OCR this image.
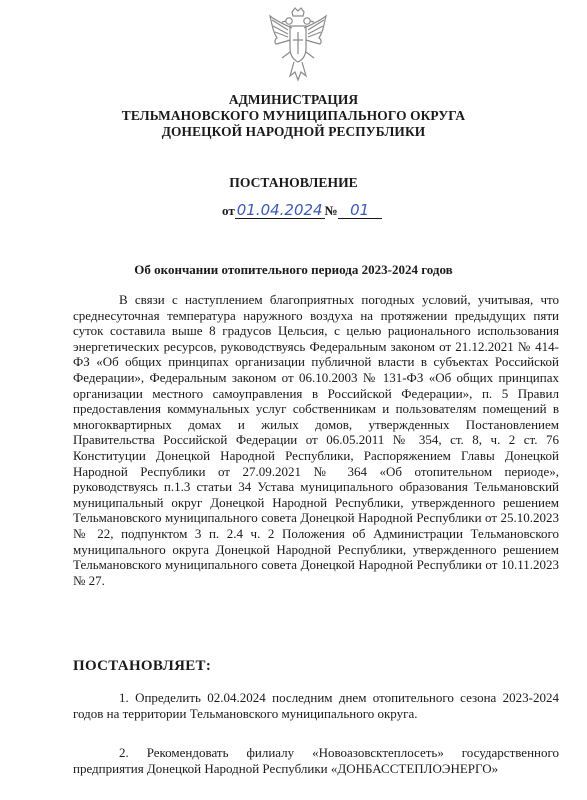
АДМИНИСТРАЦИЯ
ТЕЛЬМАНОВСКОГО МУНИЦИПАЛЬНОГО ОКРУГА
ДОНЕЦКОЙ НАРОДНОЙ РЕСПУБЛИКИ
ПОСТАНОВЛЕНИЕ
от 01.04.2024 № 01
Об окончании отопительного периода 2023-2024 годов
В связи с наступлением благоприятных погодных условий, учитывая, что среднесуточная температура наружного воздуха на протяжении предыдущих пяти суток составила выше 8 градусов Цельсия, с целью рационального использования энергетических ресурсов, руководствуясь Федеральным законом от 21.12.2021 № 414-ФЗ «Об общих принципах организации публичной власти в субъектах Российской Федерации», Федеральным законом от 06.10.2003 № 131-ФЗ «Об общих принципах организации местного самоуправления в Российской Федерации», п. 5 Правил предоставления коммунальных услуг собственникам и пользователям помещений в многоквартирных домах и жилых домов, утвержденных Постановлением Правительства Российской Федерации от 06.05.2011 № 354, ст. 8, ч. 2 ст. 76 Конституции Донецкой Народной Республики, Распоряжением Главы Донецкой Народной Республики от 27.09.2021 № 364 «Об отопительном периоде», руководствуясь п.1.3 статьи 34 Устава муниципального образования Тельмановский муниципальный округ Донецкой Народной Республики, утвержденного решением Тельмановского муниципального совета Донецкой Народной Республики от 25.10.2023 № 22, подпунктом 3 п. 2.4 ч. 2 Положения об Администрации Тельмановского муниципального округа Донецкой Народной Республики, утвержденного решением Тельмановского муниципального совета Донецкой Народной Республики от 10.11.2023 № 27.
ПОСТАНОВЛЯЕТ:
1. Определить 02.04.2024 последним днем отопительного сезона 2023-2024 годов на территории Тельмановского муниципального округа.
2. Рекомендовать филиалу «Новоазовсктеплосеть» государственного предприятия Донецкой Народной Республики «ДОНБАССТЕПЛОЭНЕРГО»
